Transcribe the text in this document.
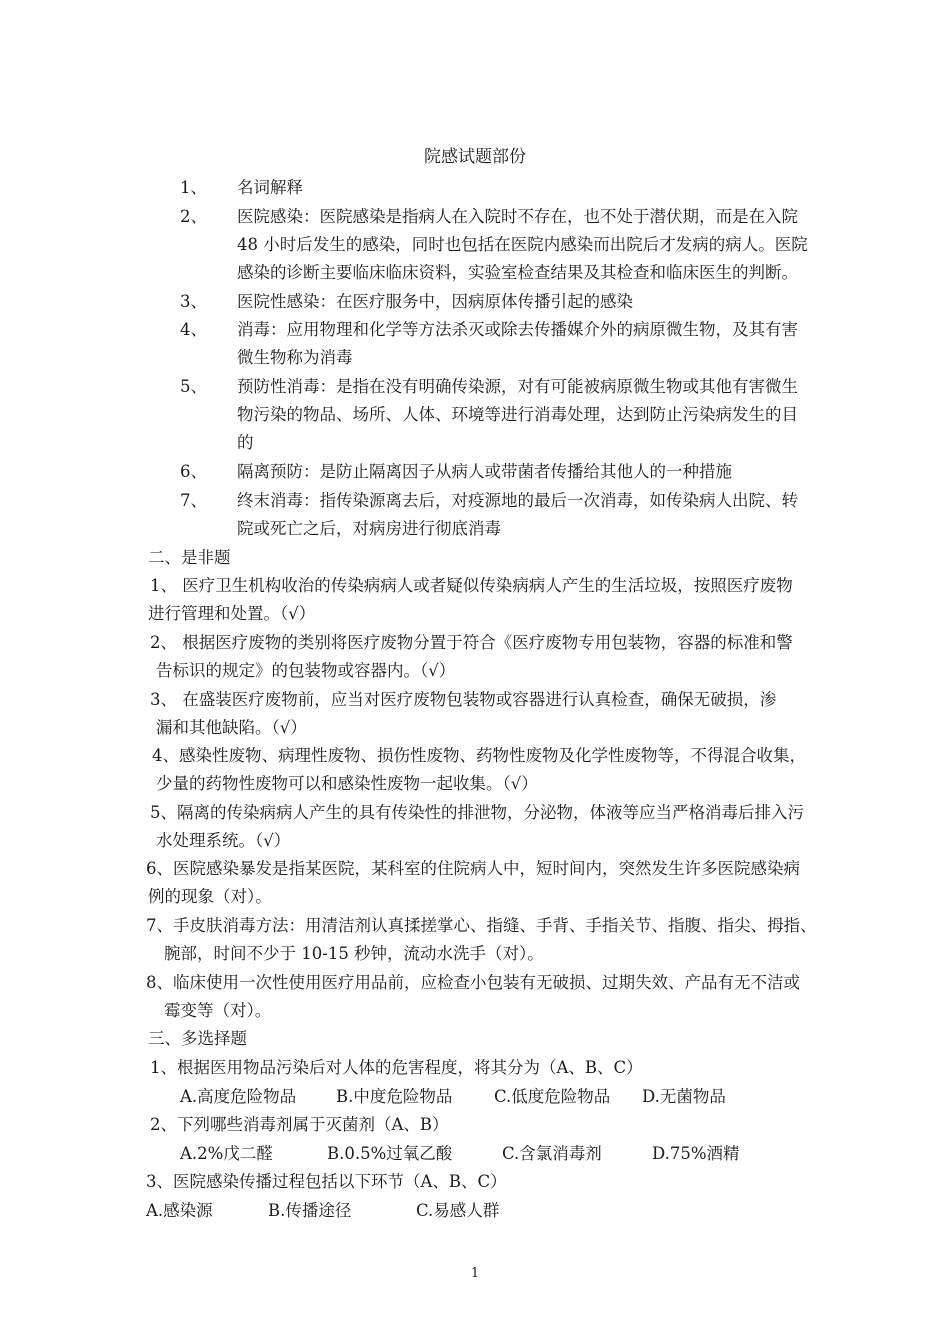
院感试题部份
1、	名词解释
2、	医院感染：医院感染是指病人在入院时不存在，也不处于潜伏期，而是在入院
48 小时后发生的感染，同时也包括在医院内感染而出院后才发病的病人。医院
感染的诊断主要临床临床资料，实验室检查结果及其检查和临床医生的判断。
3、	医院性感染：在医疗服务中，因病原体传播引起的感染
4、	消毒：应用物理和化学等方法杀灭或除去传播媒介外的病原微生物，及其有害
微生物称为消毒
5、	预防性消毒：是指在没有明确传染源，对有可能被病原微生物或其他有害微生
物污染的物品、场所、人体、环境等进行消毒处理，达到防止污染病发生的目
的
6、	隔离预防：是防止隔离因子从病人或带菌者传播给其他人的一种措施
7、	终末消毒：指传染源离去后，对疫源地的最后一次消毒，如传染病人出院、转
院或死亡之后，对病房进行彻底消毒
二、是非题
1、 医疗卫生机构收治的传染病病人或者疑似传染病病人产生的生活垃圾，按照医疗废物
进行管理和处置。（√）
2、 根据医疗废物的类别将医疗废物分置于符合《医疗废物专用包装物，容器的标准和警
告标识的规定》的包装物或容器内。（√）
3、 在盛装医疗废物前，应当对医疗废物包装物或容器进行认真检查，确保无破损，渗
漏和其他缺陷。（√）
4、感染性废物、病理性废物、损伤性废物、药物性废物及化学性废物等，不得混合收集，
少量的药物性废物可以和感染性废物一起收集。（√）
5、隔离的传染病病人产生的具有传染性的排泄物，分泌物，体液等应当严格消毒后排入污
水处理系统。（√）
6、医院感染暴发是指某医院，某科室的住院病人中，短时间内，突然发生许多医院感染病
例的现象（对）。
7、手皮肤消毒方法：用清洁剂认真揉搓掌心、指缝、手背、手指关节、指腹、指尖、拇指、
腕部，时间不少于 10-15 秒钟，流动水洗手（对）。
8、临床使用一次性使用医疗用品前，应检查小包装有无破损、过期失效、产品有无不洁或
霉变等（对）。
三、多选择题
1、根据医用物品污染后对人体的危害程度，将其分为（A、B、C）
A.高度危险物品 B.中度危险物品	C.低度危险物品 D.无菌物品
2、下列哪些消毒剂属于灭菌剂（A、B）
A.2%戊二醛	B.0.5%过氧乙酸	C.含氯消毒剂	D.75%酒精
3、医院感染传播过程包括以下环节（A、B、C）
A.感染源	B.传播途径	C.易感人群
1
